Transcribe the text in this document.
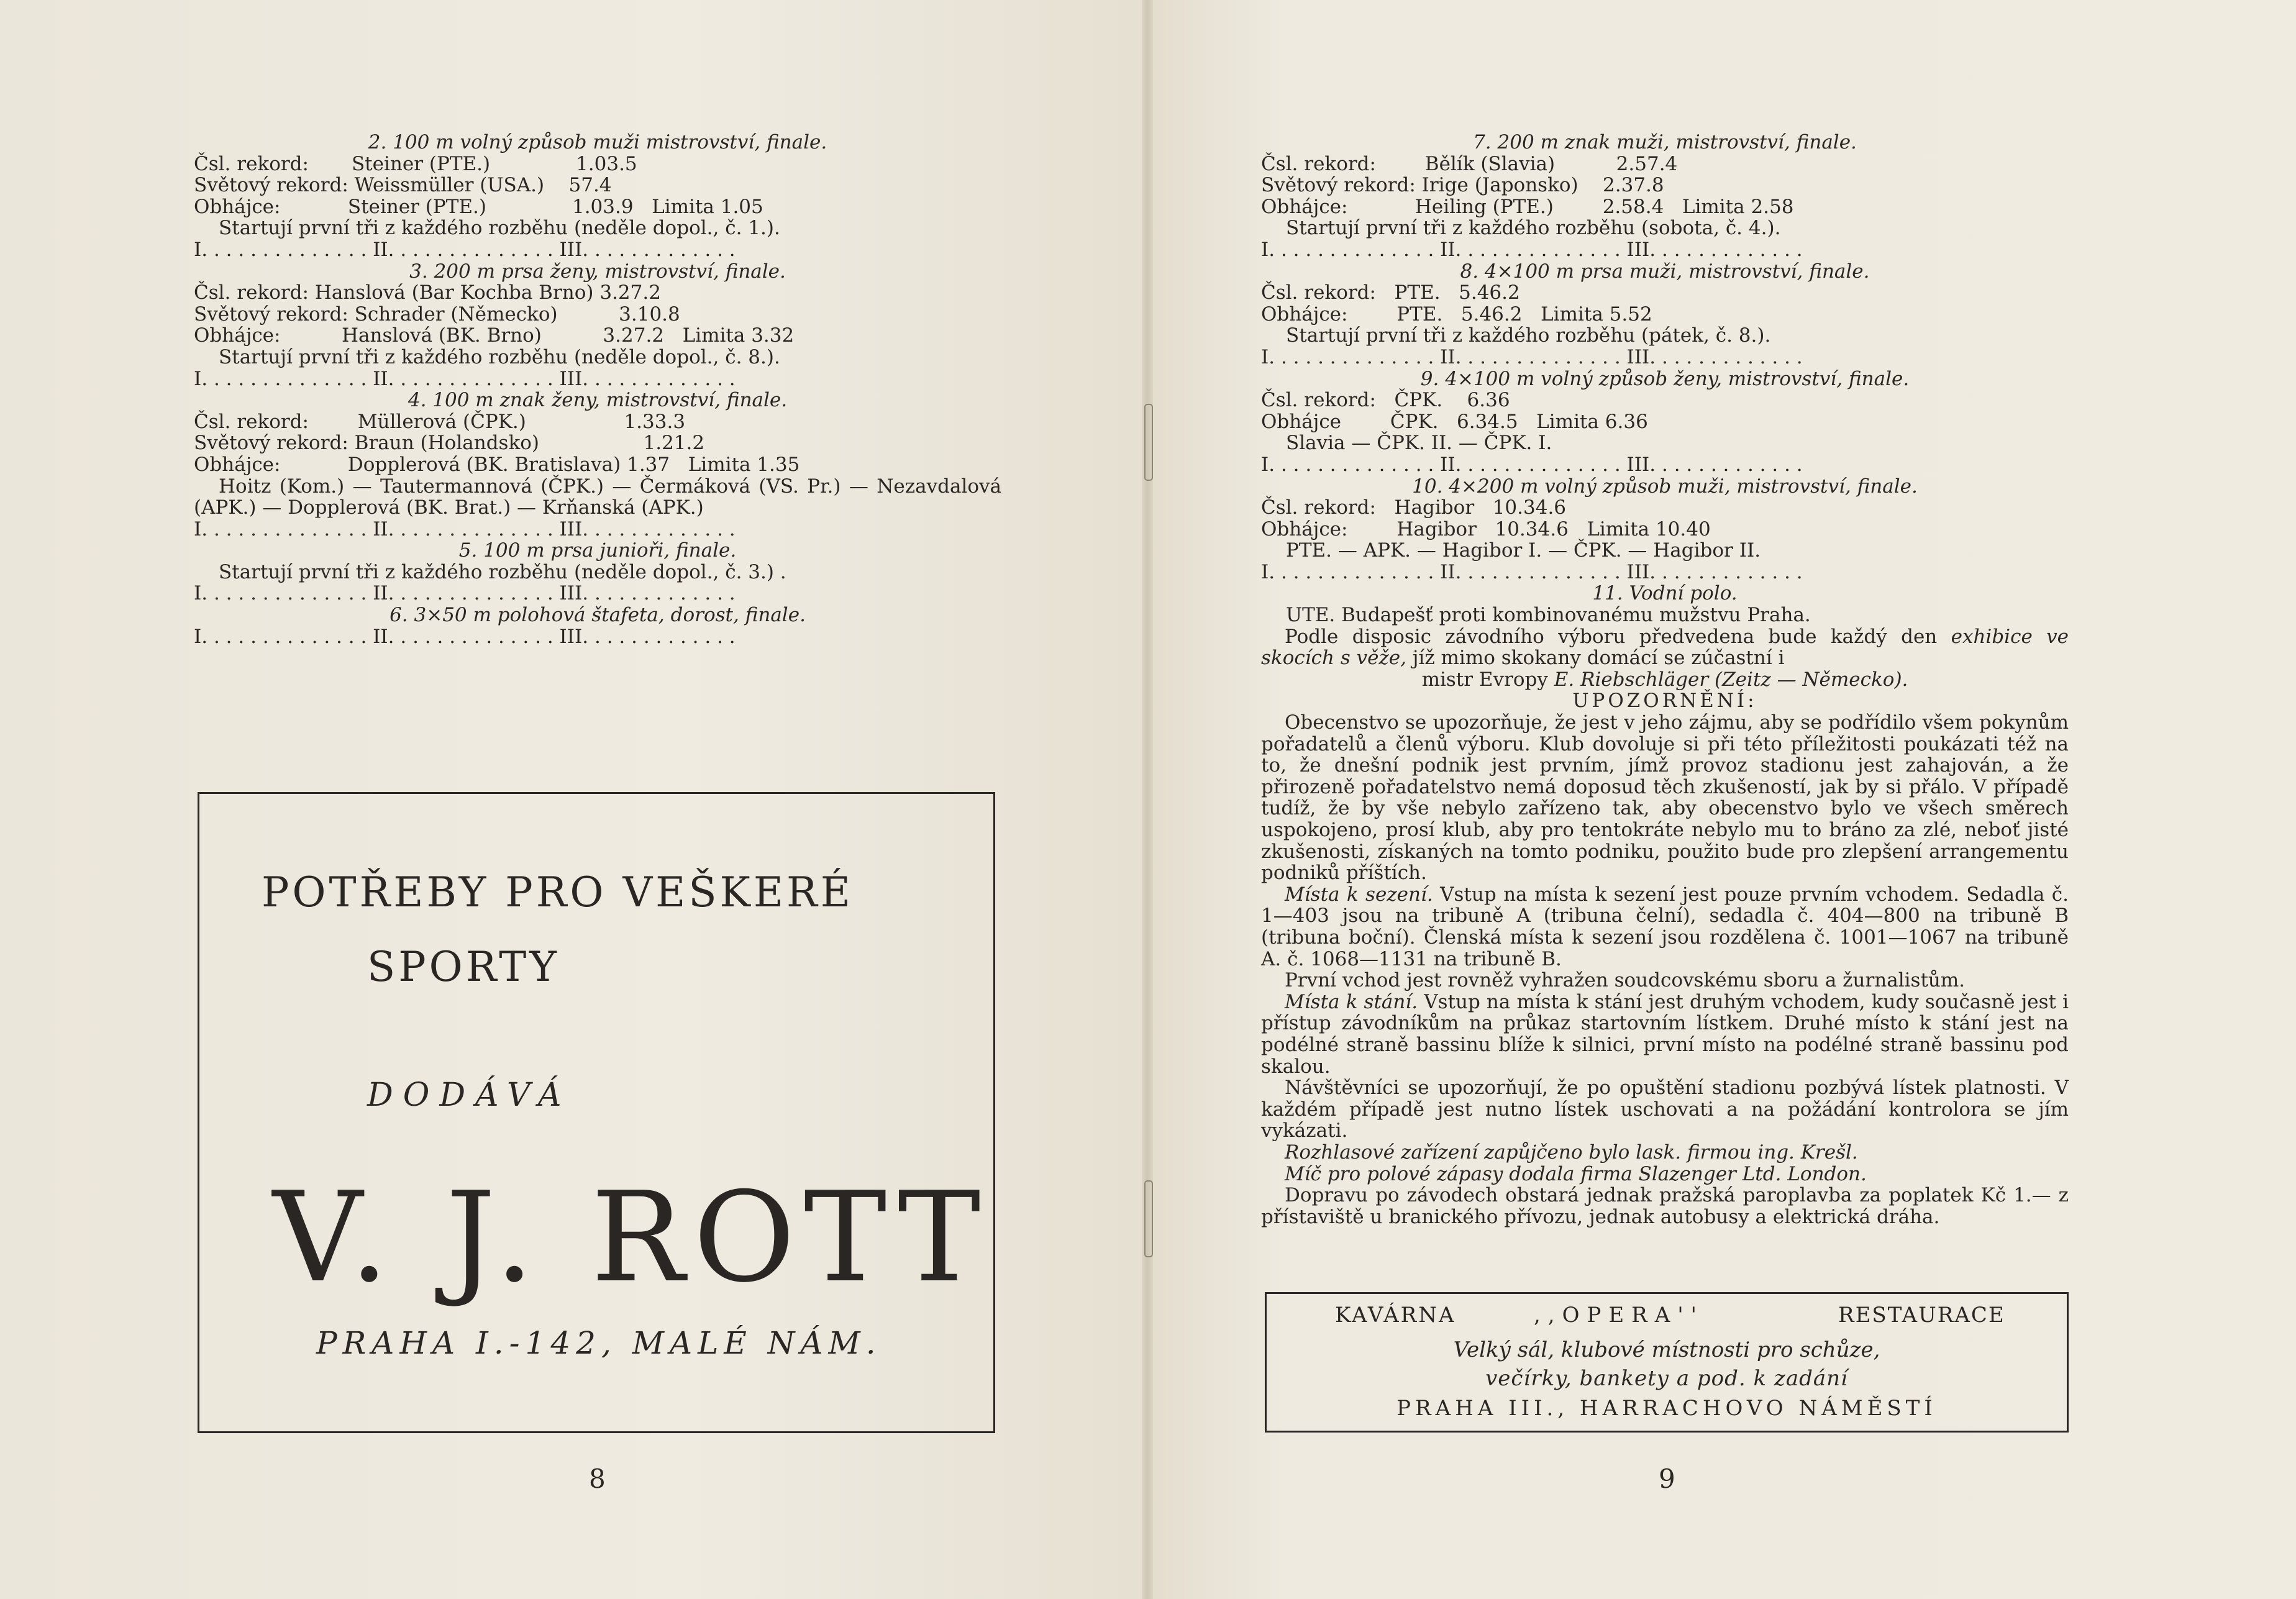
2. 100 m volný způsob muži mistrovství, finale.
Čsl. rekord:       Steiner (PTE.)              1.03.5
Světový rekord: Weissmüller (USA.)    57.4
Obhájce:           Steiner (PTE.)              1.03.9   Limita 1.05
Startují první tři z každého rozběhu (neděle dopol., č. 1.).
I. . . . . . . . . . . . . . II. . . . . . . . . . . . . . III. . . . . . . . . . . . .
3. 200 m prsa ženy, mistrovství, finale.
Čsl. rekord: Hanslová (Bar Kochba Brno) 3.27.2
Světový rekord: Schrader (Německo)          3.10.8
Obhájce:          Hanslová (BK. Brno)          3.27.2   Limita 3.32
Startují první tři z každého rozběhu (neděle dopol., č. 8.).
I. . . . . . . . . . . . . . II. . . . . . . . . . . . . . III. . . . . . . . . . . . .
4. 100 m znak ženy, mistrovství, finale.
Čsl. rekord:        Müllerová (ČPK.)                1.33.3
Světový rekord: Braun (Holandsko)                 1.21.2
Obhájce:           Dopplerová (BK. Bratislava) 1.37   Limita 1.35
Hoitz (Kom.) — Tautermannová (ČPK.) — Čermáková (VS. Pr.) — Nezavdalová
(APK.) — Dopplerová (BK. Brat.) — Krňanská (APK.)
I. . . . . . . . . . . . . . II. . . . . . . . . . . . . . III. . . . . . . . . . . . .
5. 100 m prsa junioři, finale.
Startují první tři z každého rozběhu (neděle dopol., č. 3.) .
I. . . . . . . . . . . . . . II. . . . . . . . . . . . . . III. . . . . . . . . . . . .
6. 3×50 m polohová štafeta, dorost, finale.
I. . . . . . . . . . . . . . II. . . . . . . . . . . . . . III. . . . . . . . . . . . .
POTŘEBY PRO VEŠKERÉ
SPORTY
DODÁVÁ
V. J. ROTT
PRAHA I.-142, MALÉ NÁM.
8
7. 200 m znak muži, mistrovství, finale.
Čsl. rekord:        Bělík (Slavia)          2.57.4
Světový rekord: Irige (Japonsko)    2.37.8
Obhájce:           Heiling (PTE.)        2.58.4   Limita 2.58
Startují první tři z každého rozběhu (sobota, č. 4.).
I. . . . . . . . . . . . . . II. . . . . . . . . . . . . . III. . . . . . . . . . . . .
8. 4×100 m prsa muži, mistrovství, finale.
Čsl. rekord:   PTE.   5.46.2
Obhájce:        PTE.   5.46.2   Limita 5.52
Startují první tři z každého rozběhu (pátek, č. 8.).
I. . . . . . . . . . . . . . II. . . . . . . . . . . . . . III. . . . . . . . . . . . .
9. 4×100 m volný způsob ženy, mistrovství, finale.
Čsl. rekord:   ČPK.    6.36
Obhájce        ČPK.   6.34.5   Limita 6.36
Slavia — ČPK. II. — ČPK. I.
I. . . . . . . . . . . . . . II. . . . . . . . . . . . . . III. . . . . . . . . . . . .
10. 4×200 m volný způsob muži, mistrovství, finale.
Čsl. rekord:   Hagibor   10.34.6
Obhájce:        Hagibor   10.34.6   Limita 10.40
PTE. — APK. — Hagibor I. — ČPK. — Hagibor II.
I. . . . . . . . . . . . . . II. . . . . . . . . . . . . . III. . . . . . . . . . . . .
11. Vodní polo.
UTE. Budapešť proti kombinovanému mužstvu Praha.
Podle disposic závodního výboru předvedena bude každý den exhibice ve skocích s věže, jíž mimo skokany domácí se zúčastní i
mistr Evropy E. Riebschläger (Zeitz — Německo).
UPOZORNĚNÍ:
Obecenstvo se upozorňuje, že jest v jeho zájmu, aby se podřídilo všem pokynům pořadatelů a členů výboru. Klub dovoluje si při této příležitosti poukázati též na to, že dnešní podnik jest prvním, jímž provoz stadionu jest zahajován, a že přirozeně pořadatelstvo nemá doposud těch zkušeností, jak by si přálo. V případě tudíž, že by vše nebylo zařízeno tak, aby obecenstvo bylo ve všech směrech uspokojeno, prosí klub, aby pro tentokráte nebylo mu to bráno za zlé, neboť jisté zkušenosti, získaných na tomto podniku, použito bude pro zlepšení arrangementu podniků příštích.
Místa k sezení. Vstup na místa k sezení jest pouze prvním vchodem. Sedadla č. 1—403 jsou na tribuně A (tribuna čelní), sedadla č. 404—800 na tribuně B (tribuna boční). Členská místa k sezení jsou rozdělena č. 1001—1067 na tribuně A. č. 1068—1131 na tribuně B.
První vchod jest rovněž vyhražen soudcovskému sboru a žurnalistům.
Místa k stání. Vstup na místa k stání jest druhým vchodem, kudy současně jest i přístup závodníkům na průkaz startovním lístkem. Druhé místo k stání jest na podélné straně bassinu blíže k silnici, první místo na podélné straně bassinu pod skalou.
Návštěvníci se upozorňují, že po opuštění stadionu pozbývá lístek platnosti. V každém případě jest nutno lístek uschovati a na požádání kontrolora se jím vykázati.
Rozhlasové zařízení zapůjčeno bylo lask. firmou ing. Krešl.
Míč pro polové zápasy dodala firma Slazenger Ltd. London.
Dopravu po závodech obstará jednak pražská paroplavba za poplatek Kč 1.— z přístaviště u branického přívozu, jednak autobusy a elektrická dráha.
KAVÁRNA	,,OPERA''	RESTAURACE
Velký sál, klubové místnosti pro schůze,
večírky, bankety a pod. k zadání
PRAHA III., HARRACHOVO NÁMĚSTÍ
9
